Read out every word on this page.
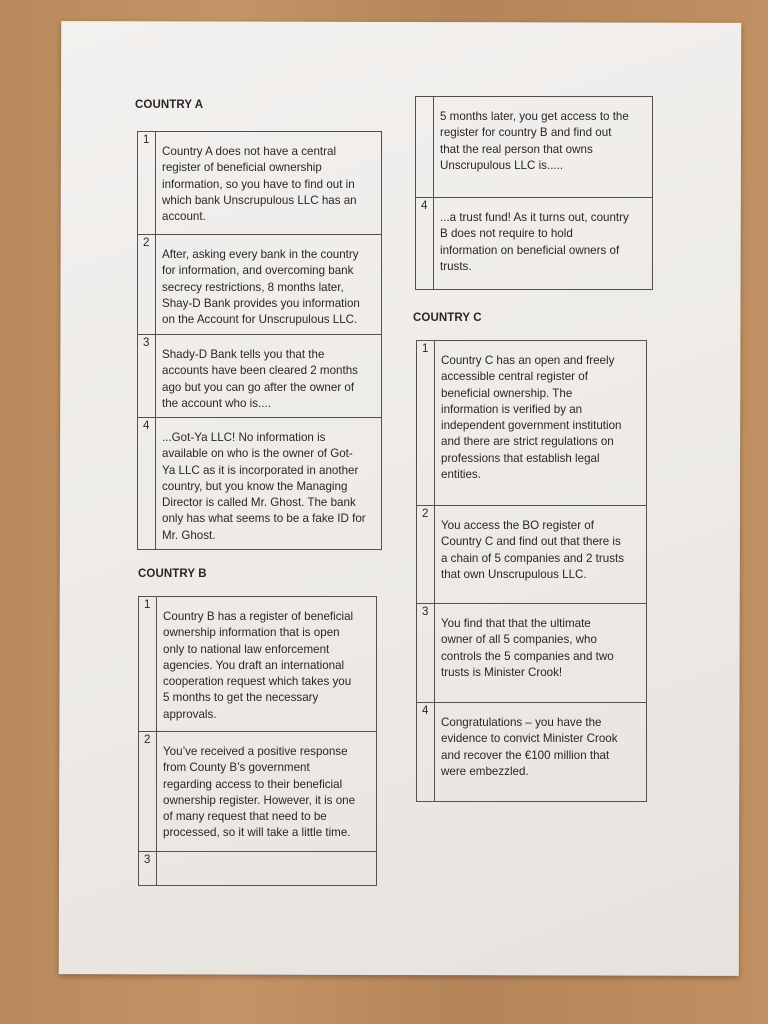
COUNTRY A
1
Country A does not have a central
register of beneficial ownership
information, so you have to find out in
which bank Unscrupulous LLC has an
account.
2
After, asking every bank in the country
for information, and overcoming bank
secrecy restrictions, 8 months later,
Shay-D Bank provides you information
on the Account for Unscrupulous LLC.
3
Shady-D Bank tells you that the
accounts have been cleared 2 months
ago but you can go after the owner of
the account who is....
4
...Got-Ya LLC! No information is
available on who is the owner of Got-
Ya LLC as it is incorporated in another
country, but you know the Managing
Director is called Mr. Ghost. The bank
only has what seems to be a fake ID for
Mr. Ghost.
COUNTRY B
1
Country B has a register of beneficial
ownership information that is open
only to national law enforcement
agencies. You draft an international
cooperation request which takes you
5 months to get the necessary
approvals.
2
You’ve received a positive response
from County B’s government
regarding access to their beneficial
ownership register. However, it is one
of many request that need to be
processed, so it will take a little time.
3
5 months later, you get access to the
register for country B and find out
that the real person that owns
Unscrupulous LLC is.....
4
...a trust fund! As it turns out, country
B does not require to hold
information on beneficial owners of
trusts.
COUNTRY C
1
Country C has an open and freely
accessible central register of
beneficial ownership. The
information is verified by an
independent government institution
and there are strict regulations on
professions that establish legal
entities.
2
You access the BO register of
Country C and find out that there is
a chain of 5 companies and 2 trusts
that own Unscrupulous LLC.
3
You find that that the ultimate
owner of all 5 companies, who
controls the 5 companies and two
trusts is Minister Crook!
4
Congratulations – you have the
evidence to convict Minister Crook
and recover the €100 million that
were embezzled.
